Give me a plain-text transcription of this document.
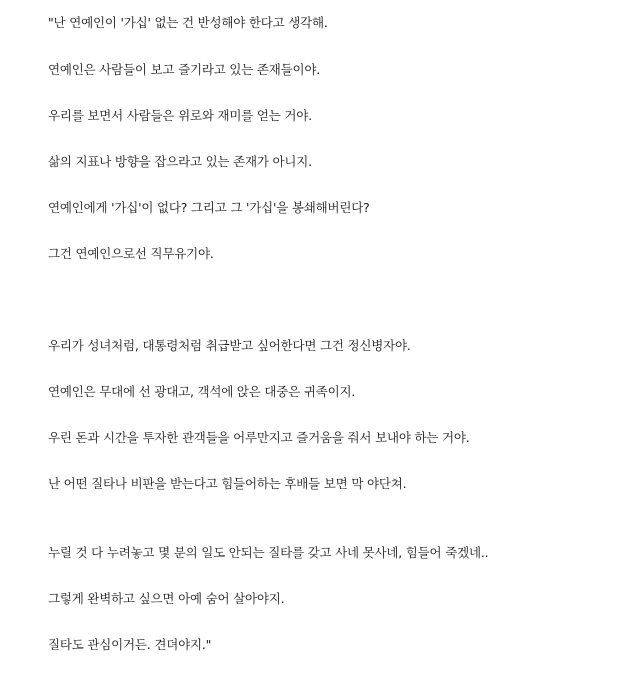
"난 연예인이 '가십' 없는 건 반성해야 한다고 생각해.
연예인은 사람들이 보고 즐기라고 있는 존재들이야.
우리를 보면서 사람들은 위로와 재미를 얻는 거야.
삶의 지표나 방향을 잡으라고 있는 존재가 아니지.
연예인에게 '가십'이 없다? 그리고 그 '가십'을 봉쇄해버린다?
그건 연예인으로선 직무유기야.
우리가 성녀처럼, 대통령처럼 취급받고 싶어한다면 그건 정신병자야.
연예인은 무대에 선 광대고, 객석에 앉은 대중은 귀족이지.
우린 돈과 시간을 투자한 관객들을 어루만지고 즐거움을 줘서 보내야 하는 거야.
난 어떤 질타나 비판을 받는다고 힘들어하는 후배들 보면 막 야단쳐.
누릴 것 다 누려놓고 몇 분의 일도 안되는 질타를 갖고 사네 못사네, 힘들어 죽겠네..
그렇게 완벽하고 싶으면 아예 숨어 살아야지.
질타도 관심이거든. 견뎌야지."
